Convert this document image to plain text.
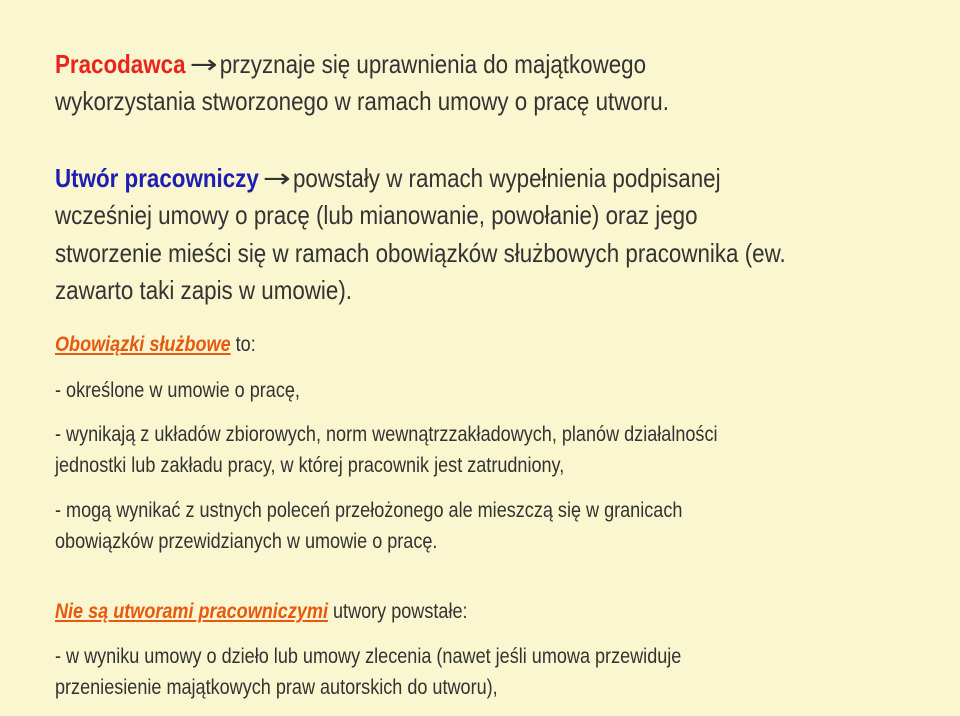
Pracodawca →przyznaje się uprawnienia do majątkowego
wykorzystania stworzonego w ramach umowy o pracę utworu.
Utwór pracowniczy →powstały w ramach wypełnienia podpisanej
wcześniej umowy o pracę (lub mianowanie, powołanie) oraz jego
stworzenie mieści się w ramach obowiązków służbowych pracownika (ew.
zawarto taki zapis w umowie).
Obowiązki służbowe to:
- określone w umowie o pracę,
- wynikają z układów zbiorowych, norm wewnątrzzakładowych, planów działalności
jednostki lub zakładu pracy, w której pracownik jest zatrudniony,
- mogą wynikać z ustnych poleceń przełożonego ale mieszczą się w granicach
obowiązków przewidzianych w umowie o pracę.
Nie są utworami pracowniczymi utwory powstałe:
- w wyniku umowy o dzieło lub umowy zlecenia (nawet jeśli umowa przewiduje
przeniesienie majątkowych praw autorskich do utworu),
